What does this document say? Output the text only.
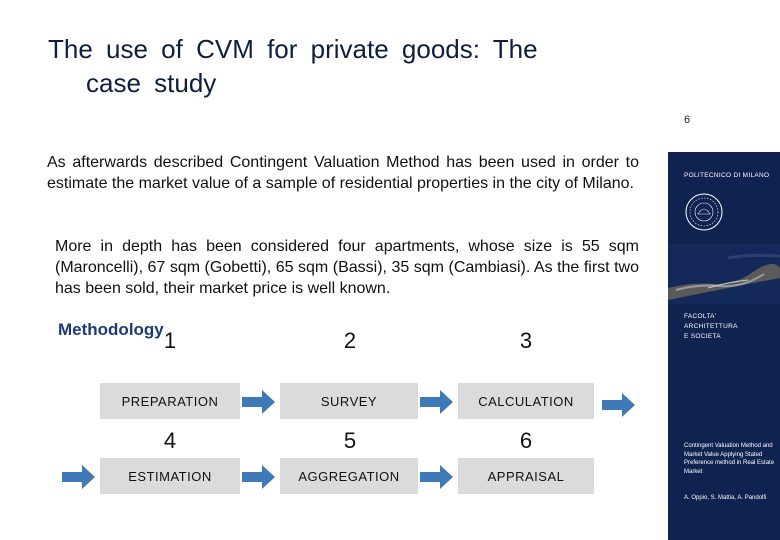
The use of CVM for private goods: The
case study
6
As afterwards described Contingent Valuation Method has been used in order to estimate the market value of a sample of residential properties in the city of Milano.
More in depth has been considered four apartments, whose size is 55 sqm (Maroncelli), 67 sqm (Gobetti), 65 sqm (Bassi), 35 sqm (Cambiasi). As the first two has been sold, their market price is well known.
Methodology 1	2	3
PREPARATION	SURVEY	CALCULATION
4	5	6
ESTIMATION	AGGREGATION	APPRAISAL
POLITECNICO DI MILANO
FACOLTA'
ARCHITETTURA
E SOCIETA
Contingent Valuation Method and Market Value Applying Stated Preference method in Real Estate Market
A. Oppio, S. Mattia, A. Pandolfi
